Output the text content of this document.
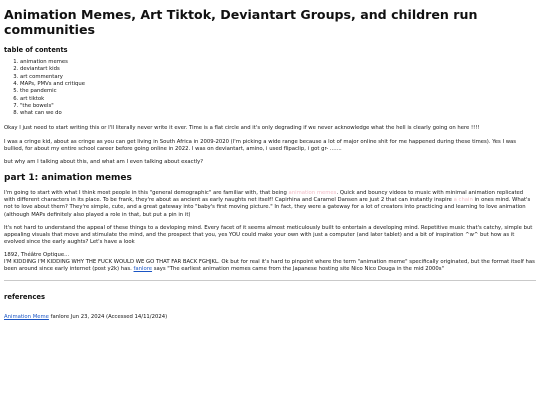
Animation Memes, Art Tiktok, Deviantart Groups, and children run communities
table of contents
1. animation memes
2. deviantart kids
3. art commentary
4. MAPs, PMVs and critique
5. the pandemic
6. art tiktok
7. "the bowels"
8. what can we do

Okay I just need to start writing this or I'll literally never write it ever. Time is a flat circle and it's only degrading if we never acknowledge what the hell is clearly going on here !!!!

I was a cringe kid, about as cringe as you can get living in South Africa in 2009-2020 (I'm picking a wide range because a lot of major online shit for me happened during these times). Yes I was bullied, for about my entire school career before going online in 2022. I was on deviantart, amino, i used flipaclip, i got gr- .......

but why am I talking about this, and what am I even talking about exactly?

part 1: animation memes

I'm going to start with what I think most people in this "general demographic" are familiar with, that being animation memes. Quick and bouncy videos to music with minimal animation replicated with different characters in its place. To be frank, they're about as ancient as early naughts net itself! Capirhina and Caramel Dansen are just 2 that can instantly inspire a chain in ones mind. What's not to love about them? They're simple, cute, and a great gateway into "baby's first moving picture." In fact, they were a gateway for a lot of creators into practicing and learning to love animation (although MAPs definitely also played a role in that, but put a pin in it)

It's not hard to understand the appeal of these things to a devloping mind. Every facet of it seems almost meticulously built to entertain a developing mind. Repetitive music that's catchy, simple but appealing visuals that move and stimulate the mind, and the prospect that you, yes YOU could make your own with just a computer (and later tablet) and a bit of inspiration ^w^ but how as it evolved since the early aughts? Let's have a look

1892, Théâtre Optique...
I'M KIDDING I'M KIDDING WHY THE FUCK WOULD WE GO THAT FAR BACK FGHJKL. Ok but for real it's hard to pinpoint where the term "animation meme" specifically originated, but the format itself has been around since early internet (post y2k) has. fanlore says "The earliest animation memes came from the Japanese hosting site Nico Nico Douga in the mid 2000s"
references

Animation Meme fanlore Jun 23, 2024 (Accessed 14/11/2024)
